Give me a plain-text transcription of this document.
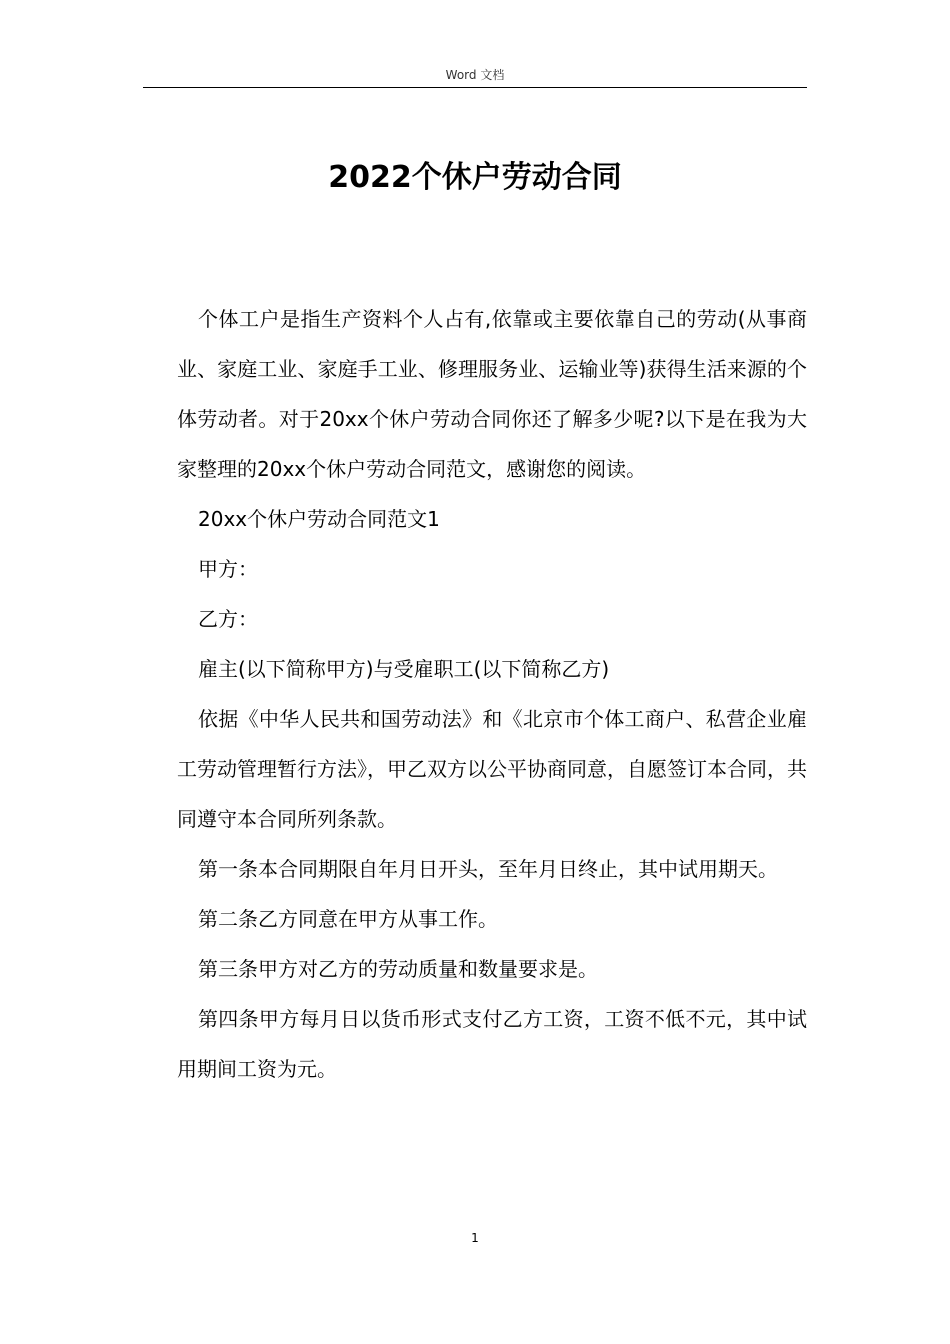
Word 文档
2022个休户劳动合同

个体工户是指生产资料个人占有,依靠或主要依靠自己的劳动(从事商业、家庭工业、家庭手工业、修理服务业、运输业等)获得生活来源的个体劳动者。对于20xx个休户劳动合同你还了解多少呢?以下是在我为大家整理的20xx个休户劳动合同范文，感谢您的阅读。

20xx个休户劳动合同范文1

甲方：

乙方：

雇主(以下简称甲方)与受雇职工(以下简称乙方)

依据《中华人民共和国劳动法》和《北京市个体工商户、私营企业雇工劳动管理暂行方法》，甲乙双方以公平协商同意，自愿签订本合同，共同遵守本合同所列条款。

第一条本合同期限自年月日开头，至年月日终止，其中试用期天。

第二条乙方同意在甲方从事工作。

第三条甲方对乙方的劳动质量和数量要求是。

第四条甲方每月日以货币形式支付乙方工资，工资不低不元，其中试用期间工资为元。

1
